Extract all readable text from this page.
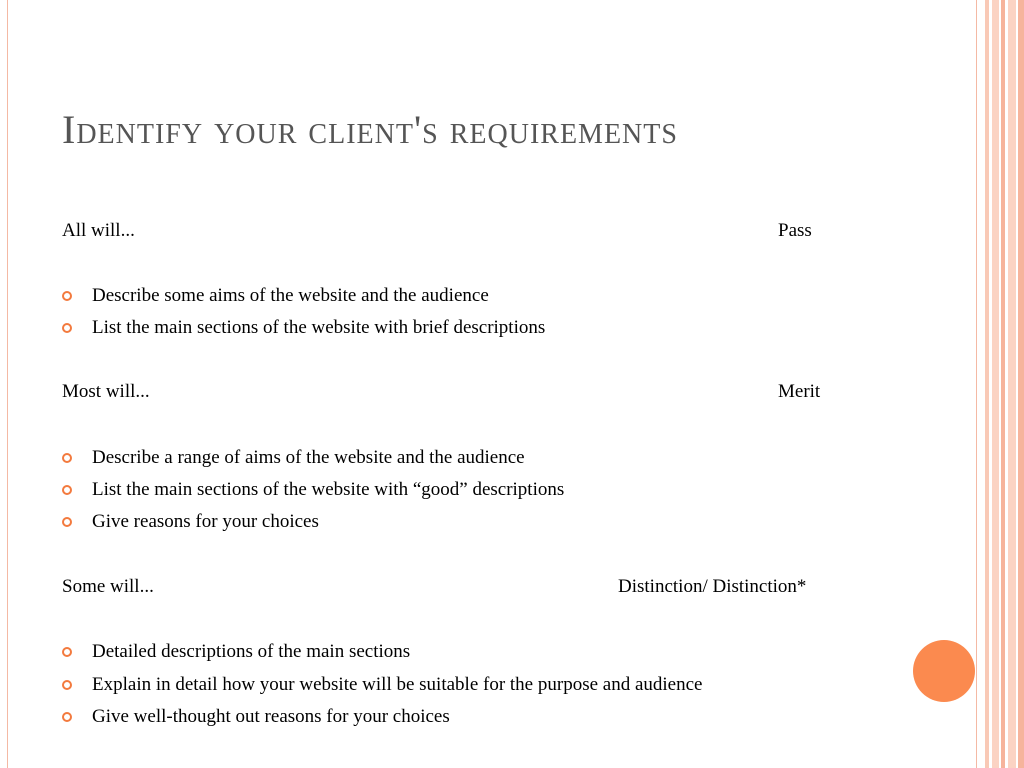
Identify your client's requirements
All will...	Pass
Describe some aims of the website and the audience
List the main sections of the website with brief descriptions
Most will...	Merit
Describe a range of aims of the website and the audience
List the main sections of the website with “good” descriptions
Give reasons for your choices
Some will...	Distinction/ Distinction*
Detailed descriptions of the main sections
Explain in detail how your website will be suitable for the purpose and audience
Give well-thought out reasons for your choices
